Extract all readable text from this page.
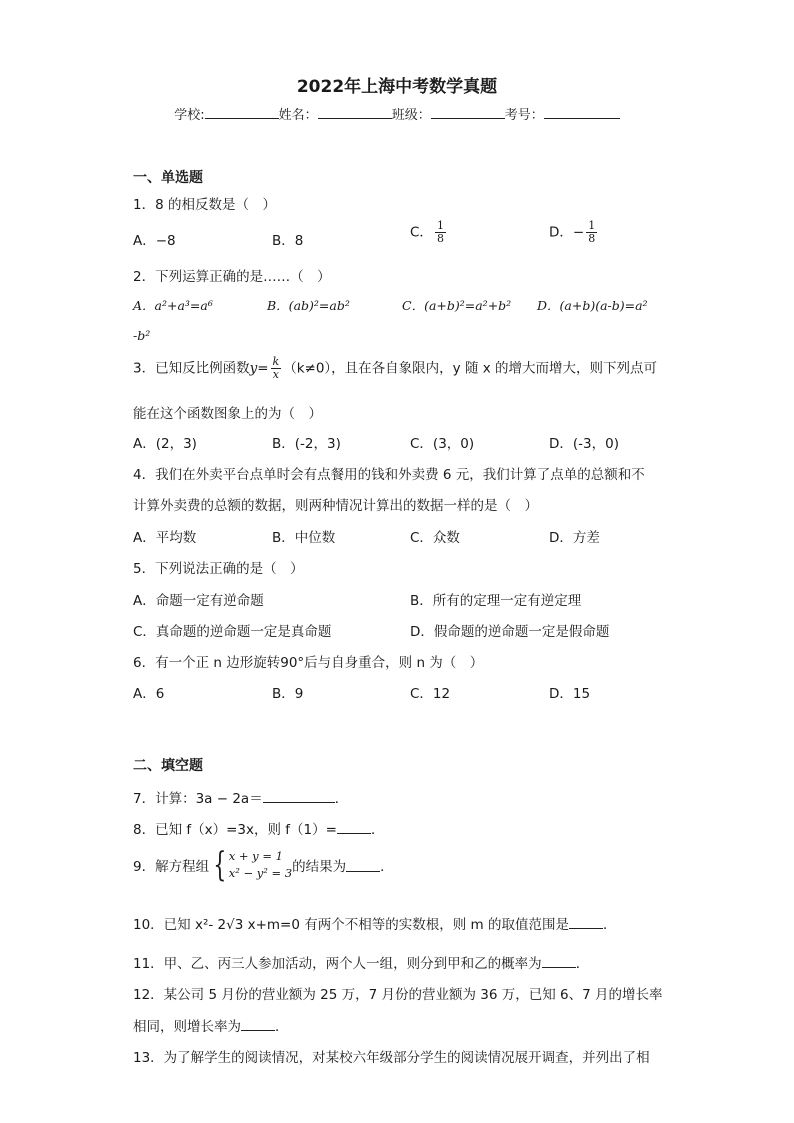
2022年上海中考数学真题
学校:	姓名：	班级：	考号：
一、单选题
1．8 的相反数是（　）
A．−8	B．8
C． $\frac{1}{8}$	D．− $\frac{1}{8}$
2．下列运算正确的是……（　）
A．a²+a³=a⁶	B．(ab)²=ab²	C．(a+b)²=a²+b² D．(a+b)(a-b)=a²
-b²
3．已知反比例函数$y= \frac{k}{x} (k\ne 0)$，且在各自象限内，y 随 x 的增大而增大，则下列点可
能在这个函数图象上的为（　）
A．(2，3)	B．(-2，3)	C．(3，0)	D．(-3，0)
4．我们在外卖平台点单时会有点餐用的钱和外卖费 6 元，我们计算了点单的总额和不
计算外卖费的总额的数据，则两种情况计算出的数据一样的是（　）
A．平均数	B．中位数	C．众数	D．方差
5．下列说法正确的是（　）
A．命题一定有逆命题	B．所有的定理一定有逆定理
C．真命题的逆命题一定是真命题	D．假命题的逆命题一定是假命题
6．有一个正 n 边形旋转90°后与自身重合，则 n 为（　）
A．6	B．9	C．12	D．15
二、填空题
7．计算：3a − 2a＝	．
8．已知 f（x）=3x，则 f（1）=	．
9．解方程组 { x + y = 1
x² − y² = 3 的结果为	．
10．已知 x²- 2√3 x+m=0 有两个不相等的实数根，则 m 的取值范围是	．
11．甲、乙、丙三人参加活动，两个人一组，则分到甲和乙的概率为	．
12．某公司 5 月份的营业额为 25 万，7 月份的营业额为 36 万，已知 6、7 月的增长率
相同，则增长率为	．
13．为了解学生的阅读情况，对某校六年级部分学生的阅读情况展开调查，并列出了相
